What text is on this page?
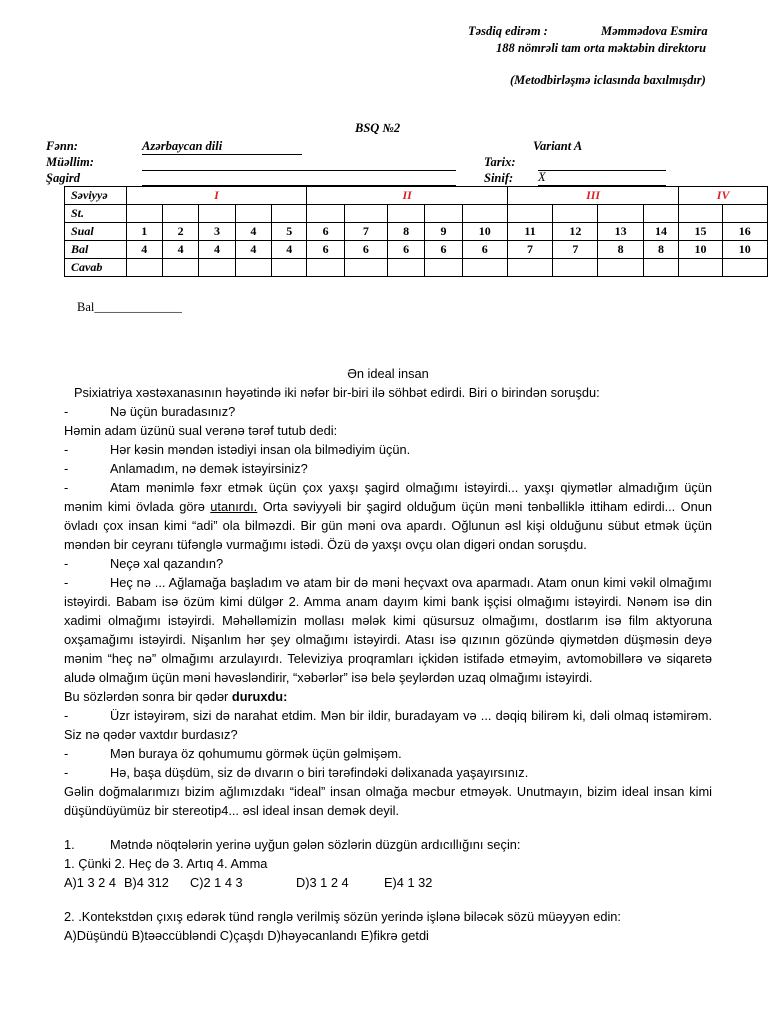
Təsdiq edirəm :	Məmmədova Esmira
188 nömrəli tam orta məktəbin direktoru
(Metodbirləşmə iclasında baxılmışdır)
BSQ №2
Fənn:	Azərbaycan dili	Variant A
Müəllim:	Tarix:
Şagird	Sinif: X
Səviyyə	I					II					III				IV	
St.																
Sual	1	2	3	4	5	6	7	8	9	10	11	12	13	14	15	16
Bal	4	4	4	4	4	6	6	6	6	6	7	7	8	8	10	10
Cavab																
Bal______________

Ən ideal insan

Psixiatriya xəstəxanasının həyətində iki nəfər bir-biri ilə söhbət edirdi. Biri o birindən soruşdu:

-	Nə üçün buradasınız?

Həmin adam üzünü sual verənə tərəf tutub dedi:

-	Hər kəsin məndən istədiyi insan ola bilmədiyim üçün.

-	Anlamadım, nə demək istəyirsiniz?

-	Atam mənimlə fəxr etmək üçün çox yaxşı şagird olmağımı istəyirdi... yaxşı qiymətlər almadığım üçün mənim kimi övlada görə utanırdı. Orta səviyyəli bir şagird olduğum üçün məni tənbəlliklə ittiham edirdi... Onun övladı çox insan kimi “adi” ola bilməzdi. Bir gün məni ova apardı. Oğlunun əsl kişi olduğunu sübut etmək üçün məndən bir ceyranı tüfənglə vurmağımı istədi. Özü də yaxşı ovçu olan digəri ondan soruşdu.

-	Neçə xal qazandın?

-	Heç nə ... Ağlamağa başladım və atam bir də məni heçvaxt ova aparmadı. Atam onun kimi vəkil olmağımı istəyirdi. Babam isə özüm kimi dülgər 2. Amma anam dayım kimi bank işçisi olmağımı istəyirdi. Nənəm isə din xadimi olmağımı istəyirdi. Məhəlləmizin mollası mələk kimi qüsursuz olmağımı, dostlarım isə film aktyoruna oxşamağımı istəyirdi. Nişanlım hər şey olmağımı istəyirdi. Atası isə qızının gözündə qiymətdən düşməsin deyə mənim “heç nə” olmağımı arzulayırdı. Televiziya proqramları içkidən istifadə etməyim, avtomobillərə və siqaretə aludə olmağım üçün məni həvəsləndirir, “xəbərlər” isə belə şeylərdən uzaq olmağımı istəyirdi.

Bu sözlərdən sonra bir qədər duruxdu:

-	Üzr istəyirəm, sizi də narahat etdim. Mən bir ildir, buradayam və ... dəqiq bilirəm ki, dəli olmaq istəmirəm. Siz nə qədər vaxtdır burdasız?

-	Mən buraya öz qohumumu görmək üçün gəlmişəm.

-	Hə, başa düşdüm, siz də dıvarın o biri tərəfindəki dəlixanada yaşayırsınız.

Gəlin doğmalarımızı bizim ağlımızdakı “ideal” insan olmağa məcbur etməyək. Unutmayın, bizim ideal insan kimi düşündüyümüz bir stereotip4... əsl ideal insan demək deyil.

1.	Mətndə nöqtələrin yerinə uyğun gələn sözlərin düzgün ardıcıllığını seçin:

1. Çünki 2. Heç də 3. Artıq 4. Amma

A)1 3 2 4 B)4 312 C)2 1 4 3	D)3 1 2 4	E)4 1 32

2. .Kontekstdən çıxış edərək tünd rənglə verilmiş sözün yerində işlənə biləcək sözü müəyyən edin:

A)Düşündü B)təəccübləndi C)çaşdı D)həyəcanlandı E)fikrə getdi
